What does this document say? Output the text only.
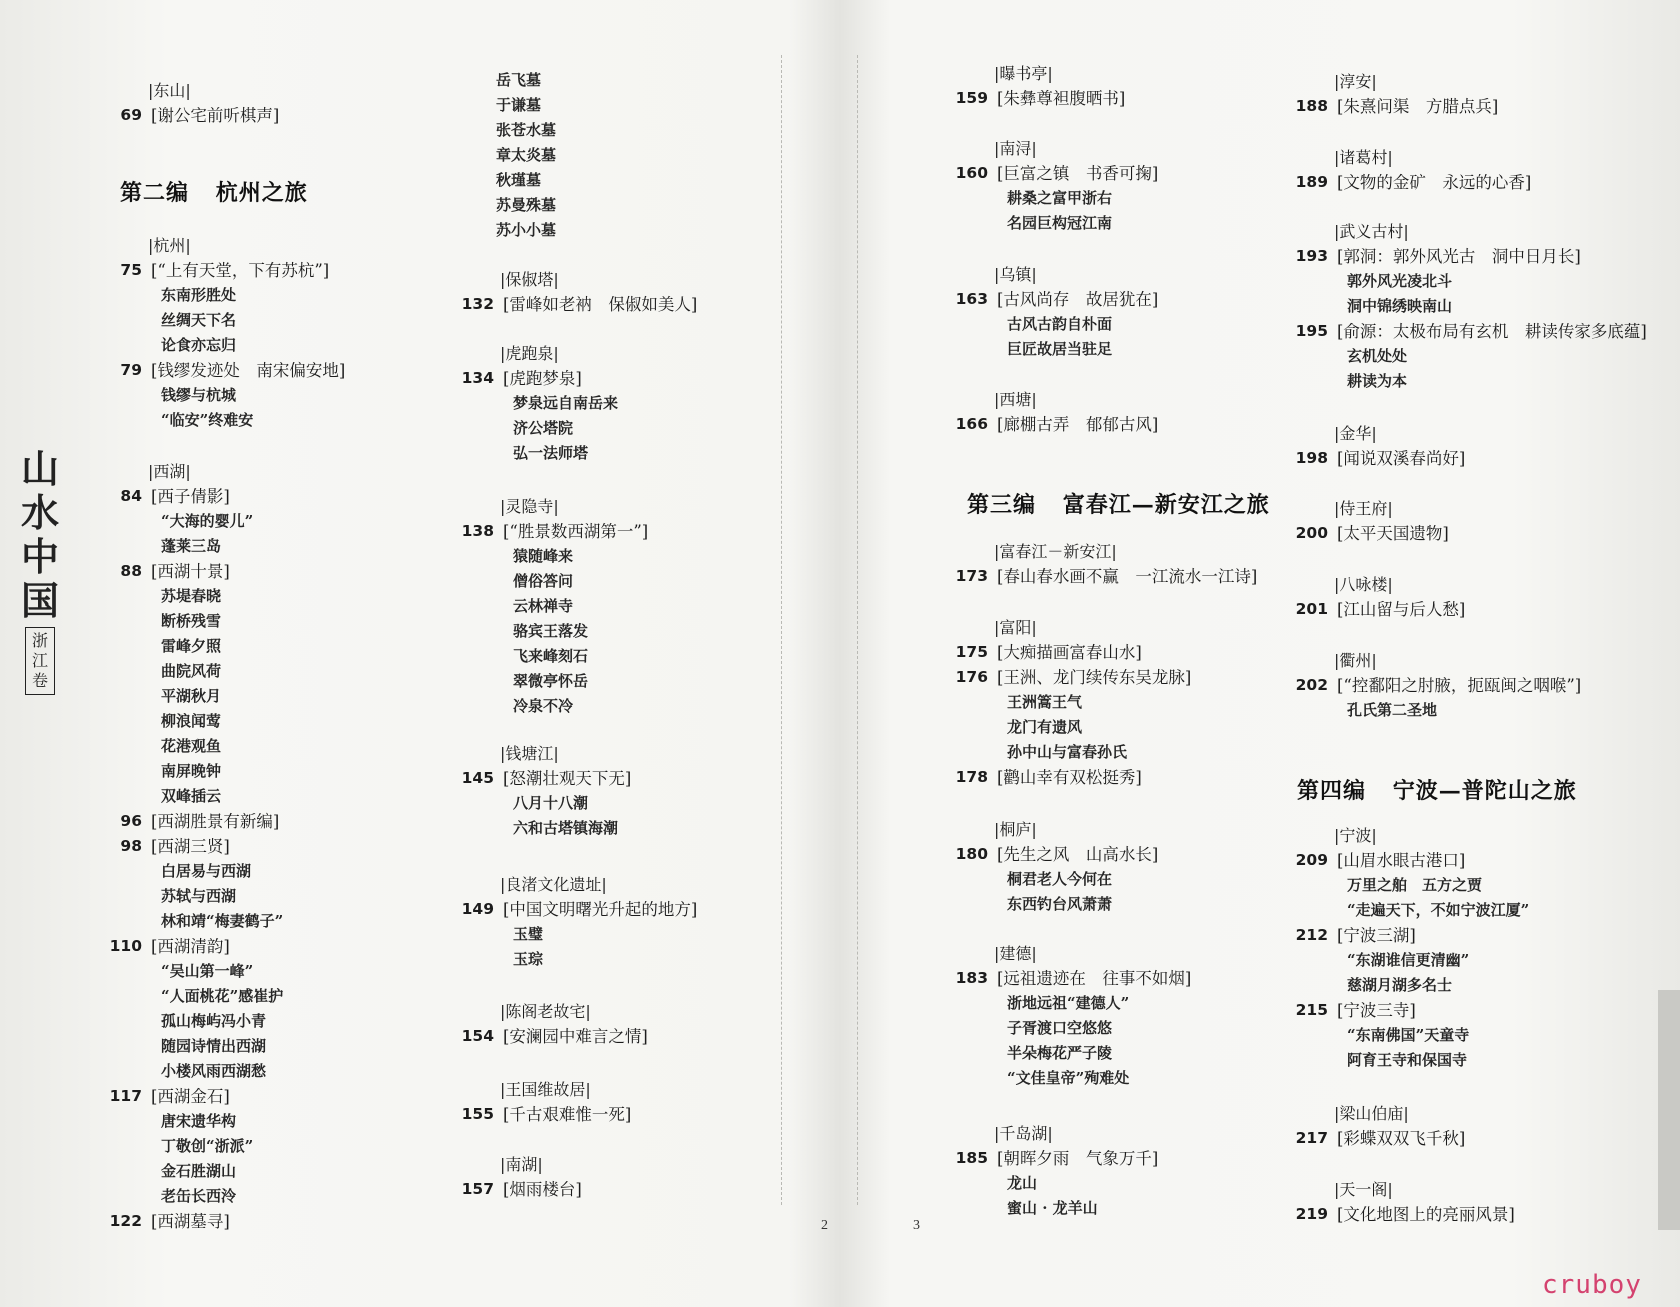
山
水
中
国
浙江卷
第二编 杭州之旅
第三编 富春江—新安江之旅
第四编 宁波—普陀山之旅
|东山|
69 [谢公宅前听棋声]
|杭州|
75 [“上有天堂，下有苏杭”]
东南形胜处
丝绸天下名
论食亦忘归
79 [钱缪发迹处　南宋偏安地]
钱缪与杭城
“临安”终难安
|西湖|
84 [西子倩影]
“大海的婴儿”
蓬莱三岛
88 [西湖十景]
苏堤春晓
断桥残雪
雷峰夕照
曲院风荷
平湖秋月
柳浪闻莺
花港观鱼
南屏晚钟
双峰插云
96 [西湖胜景有新编]
98 [西湖三贤]
白居易与西湖
苏轼与西湖
林和靖“梅妻鹤子”
110 [西湖清韵]
“吴山第一峰”
“人面桃花”感崔护
孤山梅屿冯小青
随园诗情出西湖
小楼风雨西湖愁
117 [西湖金石]
唐宋遗华构
丁敬创“浙派”
金石胜湖山
老缶长西泠
122 [西湖墓寻]
岳飞墓
于谦墓
张苍水墓
章太炎墓
秋瑾墓
苏曼殊墓
苏小小墓
|保俶塔|
132 [雷峰如老衲　保俶如美人]
|虎跑泉|
134 [虎跑梦泉]
梦泉远自南岳来
济公塔院
弘一法师塔
|灵隐寺|
138 [“胜景数西湖第一”]
猿随峰来
僧俗答问
云林禅寺
骆宾王落发
飞来峰刻石
翠微亭怀岳
冷泉不冷
|钱塘江|
145 [怒潮壮观天下无]
八月十八潮
六和古塔镇海潮
|良渚文化遗址|
149 [中国文明曙光升起的地方]
玉璧
玉琮
|陈阁老故宅|
154 [安澜园中难言之情]
|王国维故居|
155 [千古艰难惟一死]
|南湖|
157 [烟雨楼台]
|曝书亭|
159 [朱彝尊袒腹晒书]
|南浔|
160 [巨富之镇　书香可掬]
耕桑之富甲浙右
名园巨构冠江南
|乌镇|
163 [古风尚存　故居犹在]
古风古韵自朴面
巨匠故居当驻足
|西塘|
166 [廊棚古弄　郁郁古风]
|富春江－新安江|
173 [春山春水画不赢　一江流水一江诗]
|富阳|
175 [大痴描画富春山水]
176 [王洲、龙门续传东吴龙脉]
王洲篙王气
龙门有遗风
孙中山与富春孙氏
178 [鹳山幸有双松挺秀]
|桐庐|
180 [先生之风　山高水长]
桐君老人今何在
东西钓台风萧萧
|建德|
183 [远祖遗迹在　往事不如烟]
浙地远祖“建德人”
子胥渡口空悠悠
半朵梅花严子陵
“文佳皇帝”殉难处
|千岛湖|
185 [朝晖夕雨　气象万千]
龙山
蜜山 · 龙羊山
|淳安|
188 [朱熹问渠　方腊点兵]
|诸葛村|
189 [文物的金矿　永远的心香]
|武义古村|
193 [郭洞：郭外风光古　洞中日月长]
郭外风光凌北斗
洞中锦绣映南山
195 [俞源：太极布局有玄机　耕读传家多底蕴]
玄机处处
耕读为本
|金华|
198 [闻说双溪春尚好]
|侍王府|
200 [太平天国遗物]
|八咏楼|
201 [江山留与后人愁]
|衢州|
202 [“控鄱阳之肘腋，扼瓯闽之咽喉”]
孔氏第二圣地
|宁波|
209 [山眉水眼古港口]
万里之舶　五方之贾
“走遍天下，不如宁波江厦”
212 [宁波三湖]
“东湖谁信更清幽”
慈湖月湖多名士
215 [宁波三寺]
“东南佛国”天童寺
阿育王寺和保国寺
|梁山伯庙|
217 [彩蝶双双飞千秋]
|天一阁|
219 [文化地图上的亮丽风景]
2	3
cruboy
